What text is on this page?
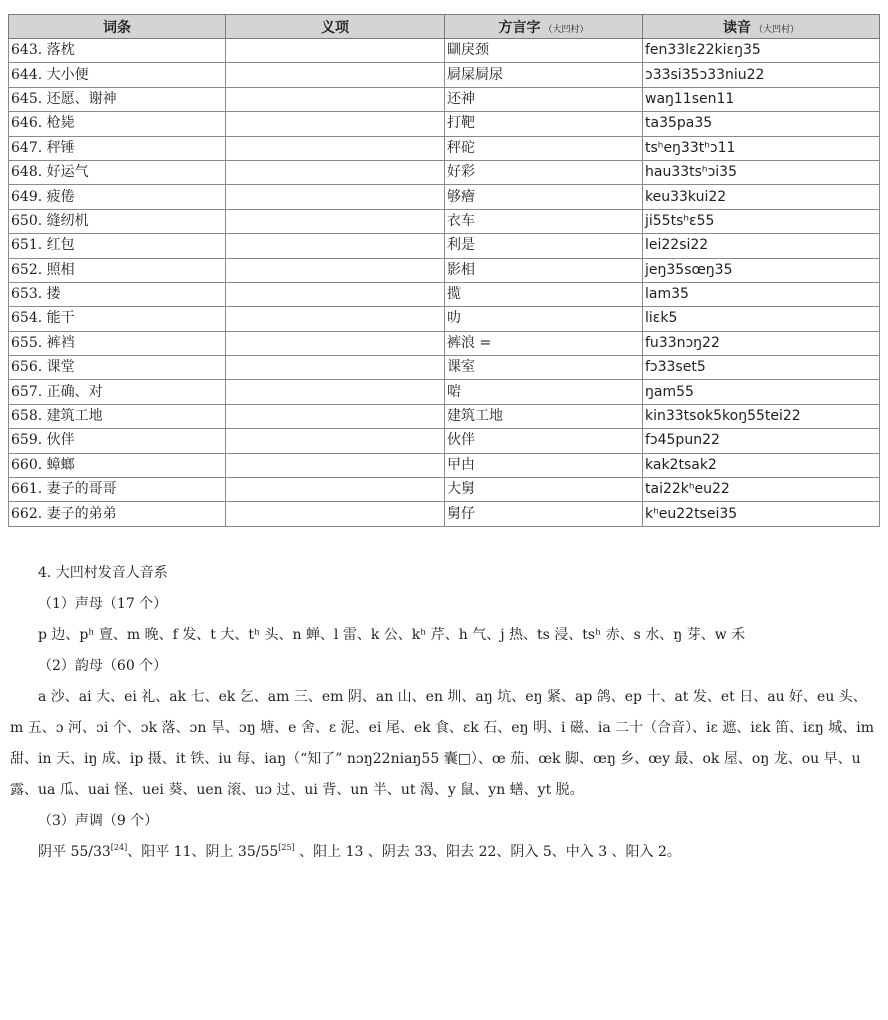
词条	义项	方言字 （大凹村）	读音 （大凹村）
643. 落枕		瞓戾颈	fen33lɛ22kiɛŋ35
644. 大小便		屙屎屙尿	ɔ33si35ɔ33niu22
645. 还愿、谢神		还神	waŋ11sen11
646. 枪毙		打靶	ta35pa35
647. 秤锤		秤砣	tsʰeŋ33tʰɔ11
648. 好运气		好彩	hau33tsʰɔi35
649. 疲倦		够癐	keu33kui22
650. 缝纫机		衣车	ji55tsʰɛ55
651. 红包		利是	lei22si22
652. 照相		影相	jeŋ35sœŋ35
653. 搂		揽	lam35
654. 能干		叻	liɛk5
655. 裤裆		裤浪 =	fu33nɔŋ22
656. 课堂		课室	fɔ33set5
657. 正确、对		啱	ŋam55
658. 建筑工地		建筑工地	kin33tsok5koŋ55tei22
659. 伙伴		伙伴	fɔ45pun22
660. 蟑螂		曱甴	kak2tsak2
661. 妻子的哥哥		大舅	tai22kʰeu22
662. 妻子的弟弟		舅仔	kʰeu22tsei35

4. 大凹村发音人音系

（1）声母（17 个）

p 边、pʰ 亶、m 晚、f 发、t 大、tʰ 头、n 蝉、l 雷、k 公、kʰ 芹、h 气、j 热、ts 浸、tsʰ 赤、s 水、ŋ 芽、w 禾

（2）韵母（60 个）

a 沙、ai 大、ei 礼、ak 七、ek 乞、am 三、em 阴、an 山、en 圳、aŋ 坑、eŋ 紧、ap 鸽、ep 十、at 发、et 日、au 好、eu 头、m 五、ɔ 河、ɔi 个、ɔk 落、ɔn 旱、ɔŋ 塘、e 舍、ɛ 泥、ei 尾、ek 食、ɛk 石、eŋ 明、i 磁、ia 二十（合音）、iɛ 遮、iɛk 笛、iɛŋ 城、im 甜、in 天、iŋ 成、ip 摄、it 铁、iu 每、iaŋ（“知了” nɔŋ22niaŋ55 囊□）、œ 茄、œk 脚、œŋ 乡、œy 最、ok 屋、oŋ 龙、ou 早、u 露、ua 瓜、uai 怪、uei 葵、uen 滚、uɔ 过、ui 背、un 半、ut 渴、y 鼠、yn 蟮、yt 脱。

（3）声调（9 个）

阴平 55/33[24]、阳平 11、阴上 35/55[25] 、阳上 13 、阴去 33、阳去 22、阴入 5、中入 3 、阳入 2。
